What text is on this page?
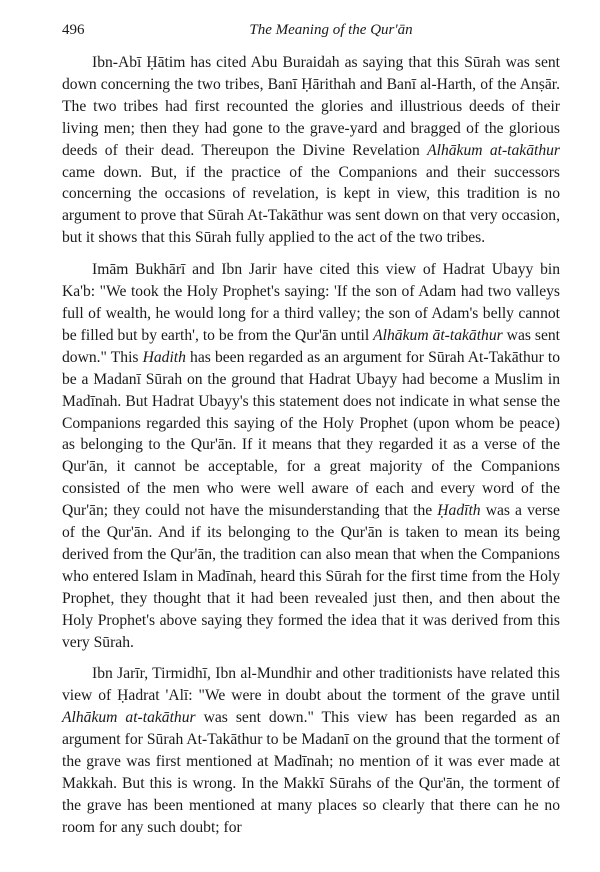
496	The Meaning of the Qur'ān

Ibn-Abī Ḥātim has cited Abu Buraidah as saying that this Sūrah was sent down concerning the two tribes, Banī Ḥārithah and Banī al-Harth, of the Anṣār. The two tribes had first recounted the glories and illustrious deeds of their living men; then they had gone to the grave-yard and bragged of the glorious deeds of their dead. Thereupon the Divine Revelation Alhākum at-takāthur came down. But, if the practice of the Companions and their successors concerning the occasions of revelation, is kept in view, this tradition is no argument to prove that Sūrah At-Takāthur was sent down on that very occasion, but it shows that this Sūrah fully applied to the act of the two tribes.

Imām Bukhārī and Ibn Jarir have cited this view of Hadrat Ubayy bin Ka'b: "We took the Holy Prophet's saying: 'If the son of Adam had two valleys full of wealth, he would long for a third valley; the son of Adam's belly cannot be filled but by earth', to be from the Qur'ān until Alhākum āt-takāthur was sent down." This Hadith has been regarded as an argument for Sūrah At-Takāthur to be a Madanī Sūrah on the ground that Hadrat Ubayy had become a Muslim in Madīnah. But Hadrat Ubayy's this statement does not indicate in what sense the Companions regarded this saying of the Holy Prophet (upon whom be peace) as belonging to the Qur'ān. If it means that they regarded it as a verse of the Qur'ān, it cannot be acceptable, for a great majority of the Companions consisted of the men who were well aware of each and every word of the Qur'ān; they could not have the misunderstanding that the Ḥadīth was a verse of the Qur'ān. And if its belonging to the Qur'ān is taken to mean its being derived from the Qur'ān, the tradition can also mean that when the Companions who entered Islam in Madīnah, heard this Sūrah for the first time from the Holy Prophet, they thought that it had been revealed just then, and then about the Holy Prophet's above saying they formed the idea that it was derived from this very Sūrah.

Ibn Jarīr, Tirmidhī, Ibn al-Mundhir and other traditionists have related this view of Ḥadrat 'Alī: "We were in doubt about the torment of the grave until Alhākum at-takāthur was sent down." This view has been regarded as an argument for Sūrah At-Takāthur to be Madanī on the ground that the torment of the grave was first mentioned at Madīnah; no mention of it was ever made at Makkah. But this is wrong. In the Makkī Sūrahs of the Qur'ān, the torment of the grave has been mentioned at many places so clearly that there can he no room for any such doubt; for
